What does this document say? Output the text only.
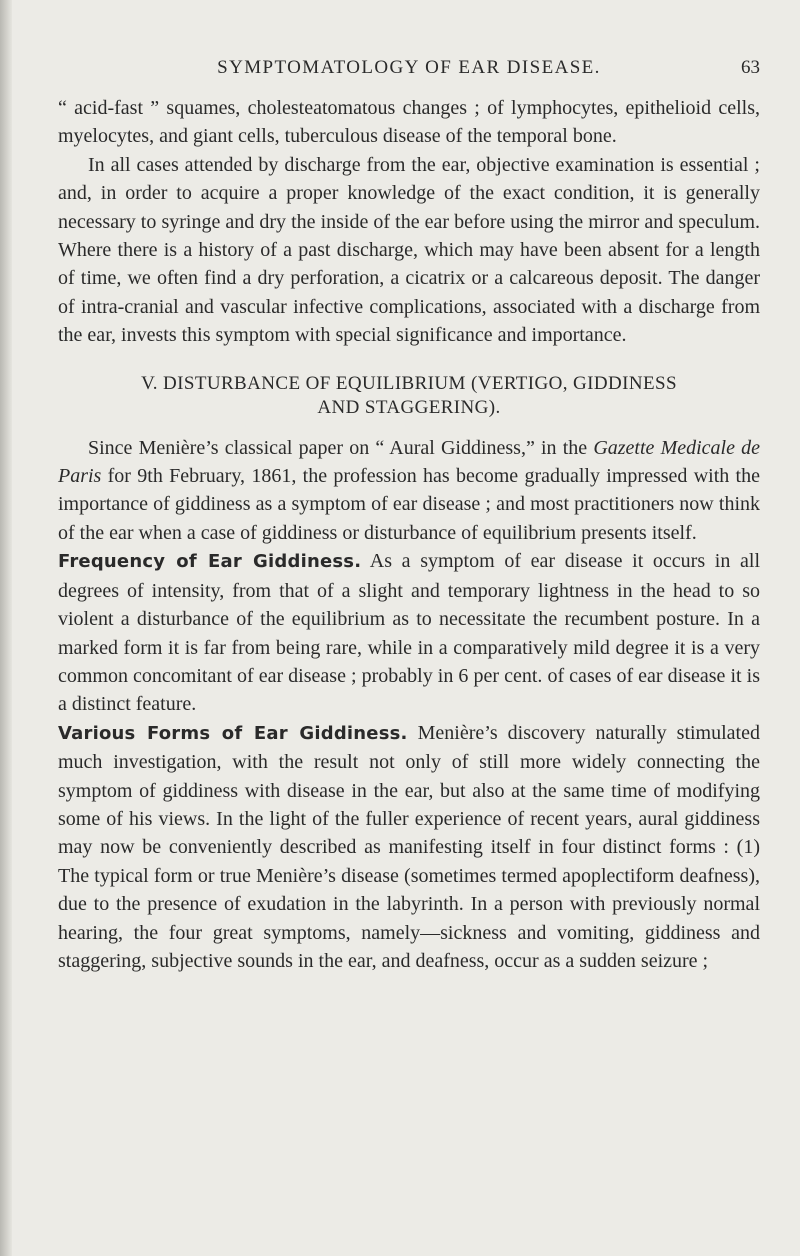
SYMPTOMATOLOGY OF EAR DISEASE.	63

“ acid-fast ” squames, cholesteatomatous changes ; of lymphocytes, epithelioid cells, myelocytes, and giant cells, tuberculous disease of the temporal bone.

In all cases attended by discharge from the ear, objective examination is essential ; and, in order to acquire a proper knowledge of the exact condition, it is generally necessary to syringe and dry the inside of the ear before using the mirror and speculum. Where there is a history of a past discharge, which may have been absent for a length of time, we often find a dry perforation, a cicatrix or a calcareous deposit. The danger of intra-cranial and vascular infective complications, associated with a discharge from the ear, invests this symptom with special significance and importance.

V. DISTURBANCE OF EQUILIBRIUM (VERTIGO, GIDDINESS
AND STAGGERING).

Since Menière’s classical paper on “ Aural Giddiness,” in the Gazette Medicale de Paris for 9th February, 1861, the profession has become gradually impressed with the importance of giddiness as a symptom of ear disease ; and most practitioners now think of the ear when a case of giddiness or disturbance of equilibrium presents itself.
Frequency of Ear Giddiness. As a symptom of ear disease it occurs in all degrees of intensity, from that of a slight and temporary lightness in the head to so violent a disturbance of the equilibrium as to necessitate the recumbent posture. In a marked form it is far from being rare, while in a comparatively mild degree it is a very common concomitant of ear disease ; probably in 6 per cent. of cases of ear disease it is a distinct feature.

Various Forms of Ear Giddiness. Menière’s discovery naturally stimulated much investigation, with the result not only of still more widely connecting the symptom of giddiness with disease in the ear, but also at the same time of modifying some of his views. In the light of the fuller experience of recent years, aural giddiness may now be conveniently described as manifesting itself in four distinct forms : (1) The typical form or true Menière’s disease (sometimes termed apoplectiform deafness), due to the presence of exudation in the labyrinth. In a person with previously normal hearing, the four great symptoms, namely—sickness and vomiting, giddiness and staggering, subjective sounds in the ear, and deafness, occur as a sudden seizure ;
